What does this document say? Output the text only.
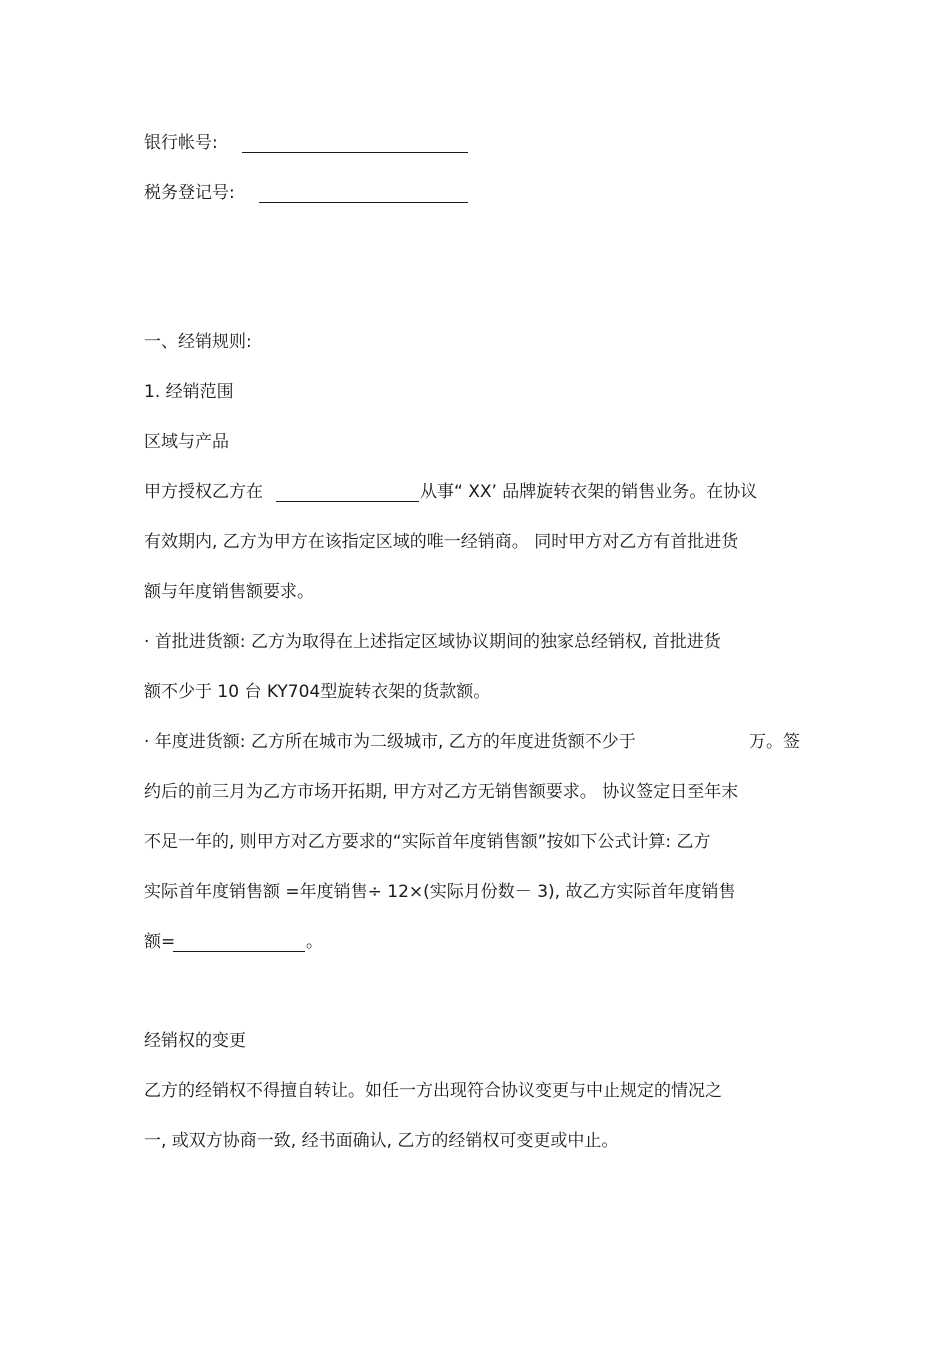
银行帐号:
税务登记号:
一、经销规则:
1. 经销范围
区域与产品
甲方授权乙方在	从事“ XX’ 品牌旋转衣架的销售业务。在协议
有效期内, 乙方为甲方在该指定区域的唯一经销商。 同时甲方对乙方有首批进货
额与年度销售额要求。
· 首批进货额: 乙方为取得在上述指定区域协议期间的独家总经销权, 首批进货
额不少于 10 台 KY704型旋转衣架的货款额。
· 年度进货额: 乙方所在城市为二级城市, 乙方的年度进货额不少于	万。签
约后的前三月为乙方市场开拓期, 甲方对乙方无销售额要求。 协议签定日至年末
不足一年的, 则甲方对乙方要求的“实际首年度销售额”按如下公式计算: 乙方
实际首年度销售额 =年度销售÷ 12×(实际月份数－ 3), 故乙方实际首年度销售
额=	。
经销权的变更
乙方的经销权不得擅自转让。如任一方出现符合协议变更与中止规定的情况之
一, 或双方协商一致, 经书面确认, 乙方的经销权可变更或中止。
